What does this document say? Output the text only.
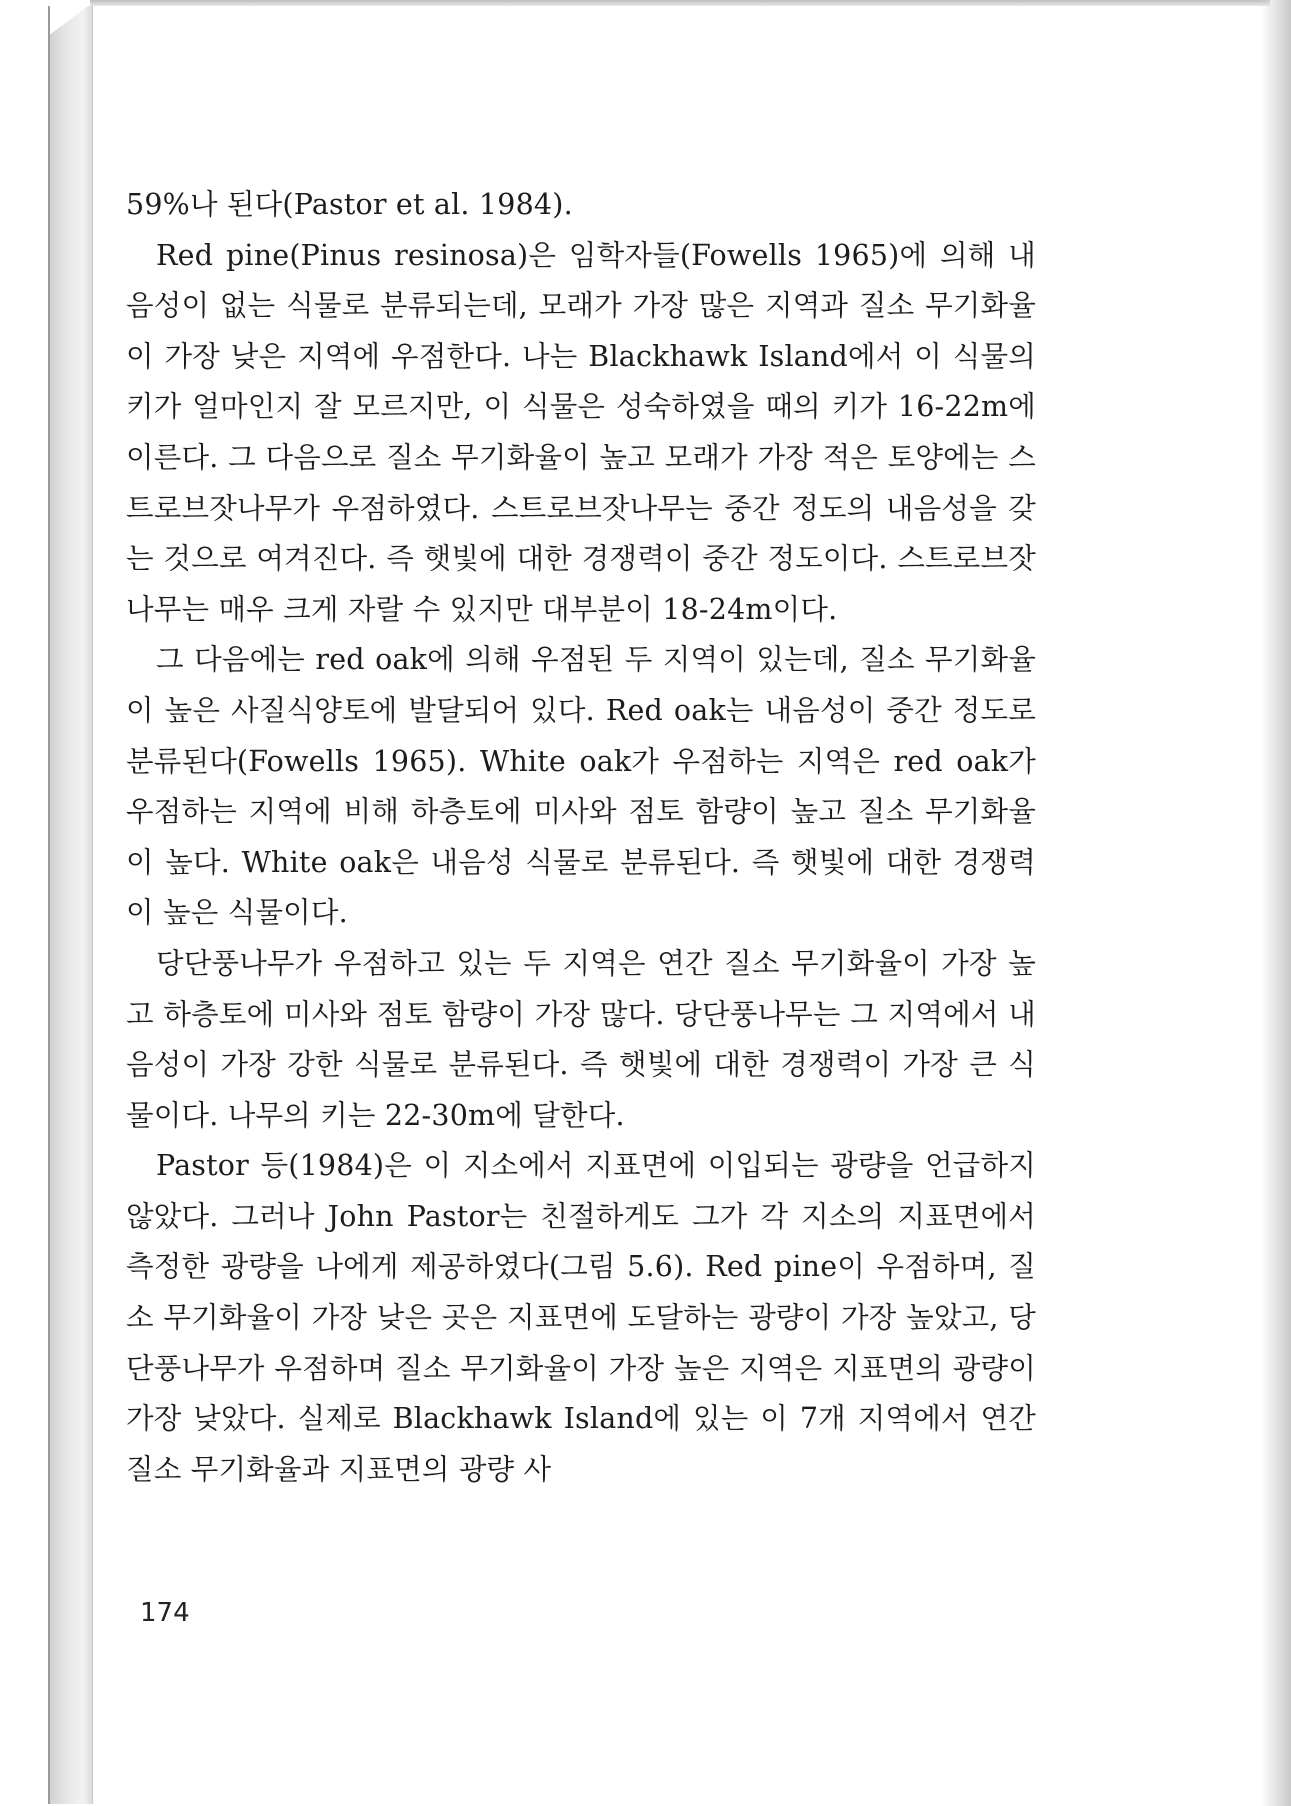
59%나 된다(Pastor et al. 1984).

Red pine(Pinus resinosa)은 임학자들(Fowells 1965)에 의해 내음성이 없는 식물로 분류되는데, 모래가 가장 많은 지역과 질소 무기화율이 가장 낮은 지역에 우점한다. 나는 Blackhawk Island에서 이 식물의 키가 얼마인지 잘 모르지만, 이 식물은 성숙하였을 때의 키가 16-22m에 이른다. 그 다음으로 질소 무기화율이 높고 모래가 가장 적은 토양에는 스트로브잣나무가 우점하였다. 스트로브잣나무는 중간 정도의 내음성을 갖는 것으로 여겨진다. 즉 햇빛에 대한 경쟁력이 중간 정도이다. 스트로브잣나무는 매우 크게 자랄 수 있지만 대부분이 18-24m이다.

그 다음에는 red oak에 의해 우점된 두 지역이 있는데, 질소 무기화율이 높은 사질식양토에 발달되어 있다. Red oak는 내음성이 중간 정도로 분류된다(Fowells 1965). White oak가 우점하는 지역은 red oak가 우점하는 지역에 비해 하층토에 미사와 점토 함량이 높고 질소 무기화율이 높다. White oak은 내음성 식물로 분류된다. 즉 햇빛에 대한 경쟁력이 높은 식물이다.

당단풍나무가 우점하고 있는 두 지역은 연간 질소 무기화율이 가장 높고 하층토에 미사와 점토 함량이 가장 많다. 당단풍나무는 그 지역에서 내음성이 가장 강한 식물로 분류된다. 즉 햇빛에 대한 경쟁력이 가장 큰 식물이다. 나무의 키는 22-30m에 달한다.

Pastor 등(1984)은 이 지소에서 지표면에 이입되는 광량을 언급하지 않았다. 그러나 John Pastor는 친절하게도 그가 각 지소의 지표면에서 측정한 광량을 나에게 제공하였다(그림 5.6). Red pine이 우점하며, 질소 무기화율이 가장 낮은 곳은 지표면에 도달하는 광량이 가장 높았고, 당단풍나무가 우점하며 질소 무기화율이 가장 높은 지역은 지표면의 광량이 가장 낮았다. 실제로 Blackhawk Island에 있는 이 7개 지역에서 연간 질소 무기화율과 지표면의 광량 사

174
